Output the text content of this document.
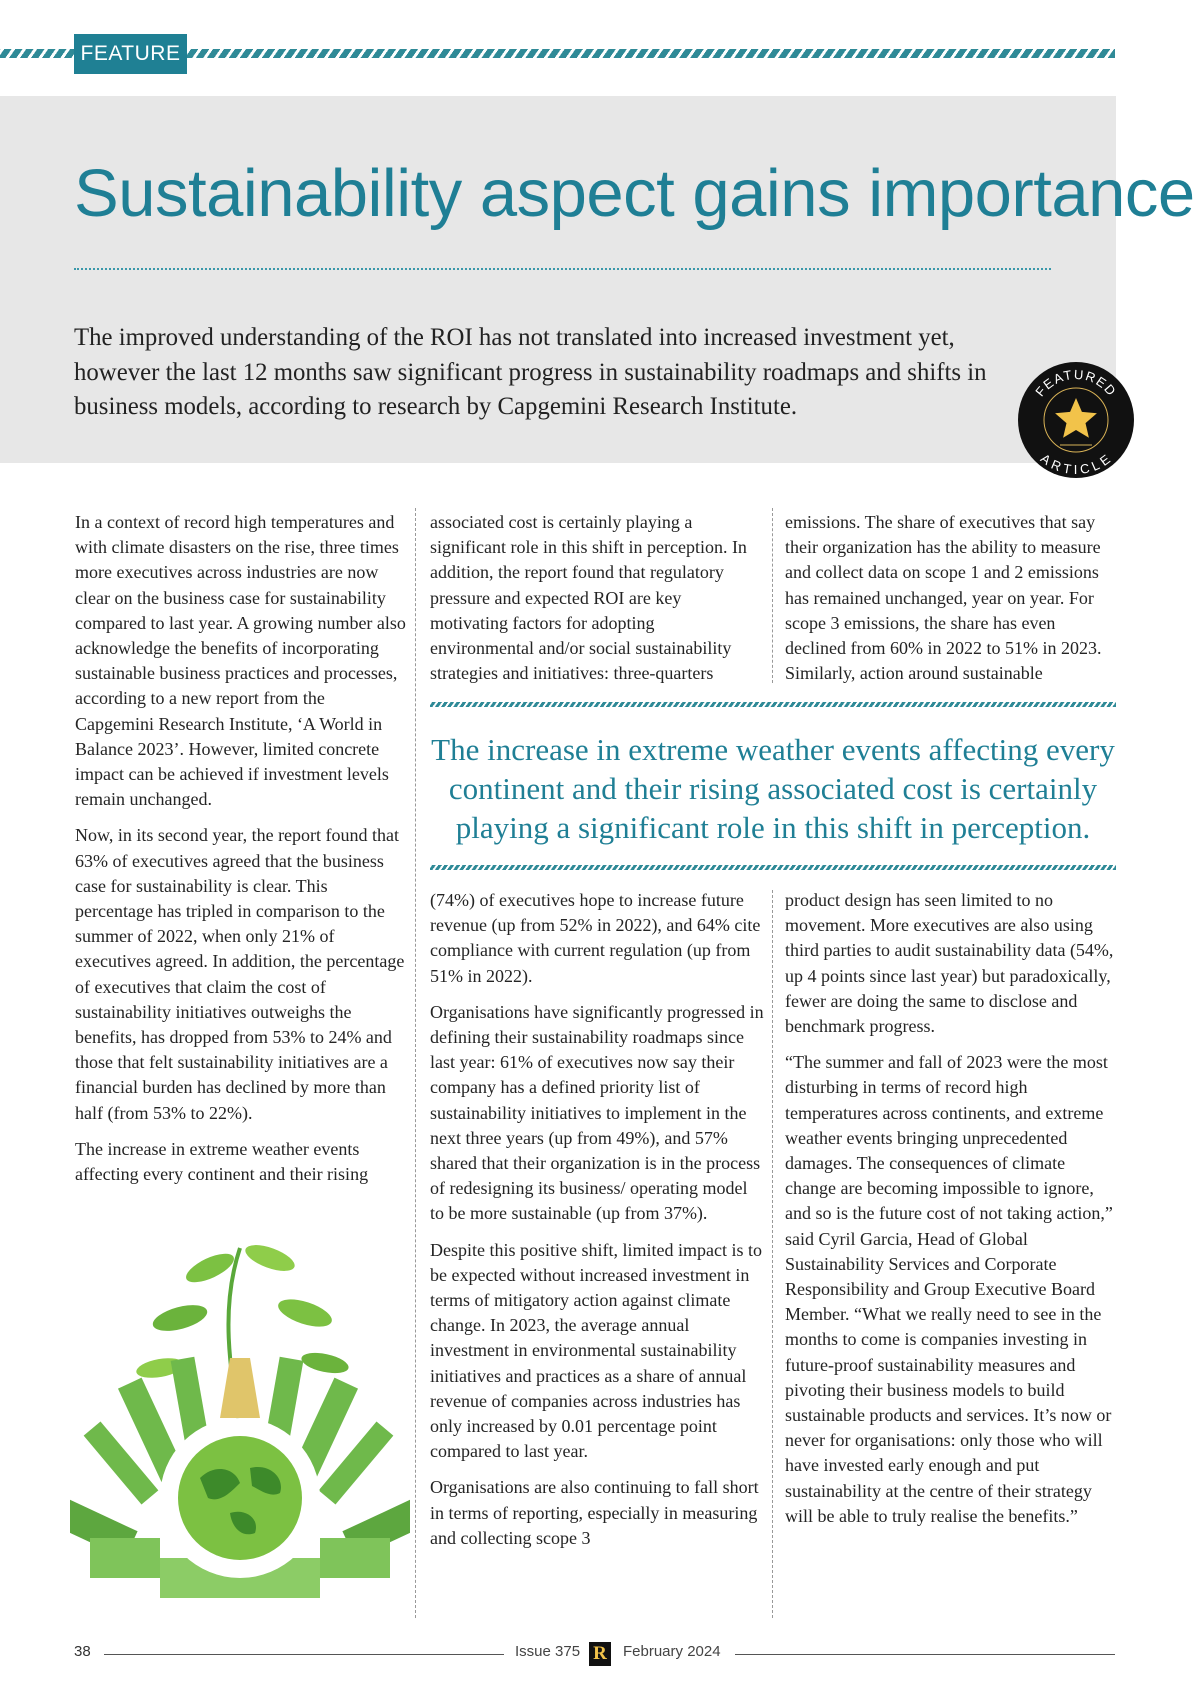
FEATURE
Sustainability aspect gains importance

The improved understanding of the ROI has not translated into increased investment yet, however the last 12 months saw significant progress in sustainability roadmaps and shifts in business models, according to research by Capgemini Research Institute.

FEATURED
ARTICLE

In a context of record high temperatures and with climate disasters on the rise, three times more executives across industries are now clear on the business case for sustainability compared to last year. A growing number also acknowledge the benefits of incorporating sustainable business practices and processes, according to a new report from the Capgemini Research Institute, ‘A World in Balance 2023’. However, limited concrete impact can be achieved if investment levels remain unchanged.

Now, in its second year, the report found that 63% of executives agreed that the business case for sustainability is clear. This percentage has tripled in comparison to the summer of 2022, when only 21% of executives agreed. In addition, the percentage of executives that claim the cost of sustainability initiatives outweighs the benefits, has dropped from 53% to 24% and those that felt sustainability initiatives are a financial burden has declined by more than half (from 53% to 22%).

The increase in extreme weather events affecting every continent and their rising

associated cost is certainly playing a significant role in this shift in perception. In addition, the report found that regulatory pressure and expected ROI are key motivating factors for adopting environmental and/or social sustainability strategies and initiatives: three-quarters

emissions. The share of executives that say their organization has the ability to measure and collect data on scope 1 and 2 emissions has remained unchanged, year on year. For scope 3 emissions, the share has even declined from 60% in 2022 to 51% in 2023. Similarly, action around sustainable

The increase in extreme weather events affecting every continent and their rising associated cost is certainly playing a significant role in this shift in perception.

(74%) of executives hope to increase future revenue (up from 52% in 2022), and 64% cite compliance with current regulation (up from 51% in 2022).

Organisations have significantly progressed in defining their sustainability roadmaps since last year: 61% of executives now say their company has a defined priority list of sustainability initiatives to implement in the next three years (up from 49%), and 57% shared that their organization is in the process of redesigning its business/ operating model to be more sustainable (up from 37%).

Despite this positive shift, limited impact is to be expected without increased investment in terms of mitigatory action against climate change. In 2023, the average annual investment in environmental sustainability initiatives and practices as a share of annual revenue of companies across industries has only increased by 0.01 percentage point compared to last year.

Organisations are also continuing to fall short in terms of reporting, especially in measuring and collecting scope 3

product design has seen limited to no movement. More executives are also using third parties to audit sustainability data (54%, up 4 points since last year) but paradoxically, fewer are doing the same to disclose and benchmark progress.

“The summer and fall of 2023 were the most disturbing in terms of record high temperatures across continents, and extreme weather events bringing unprecedented damages. The consequences of climate change are becoming impossible to ignore, and so is the future cost of not taking action,” said Cyril Garcia, Head of Global Sustainability Services and Corporate Responsibility and Group Executive Board Member. “What we really need to see in the months to come is companies investing in future-proof sustainability measures and pivoting their business models to build sustainable products and services. It’s now or never for organisations: only those who will have invested early enough and put sustainability at the centre of their strategy will be able to truly realise the benefits.”

38	Issue 375 R February 2024
